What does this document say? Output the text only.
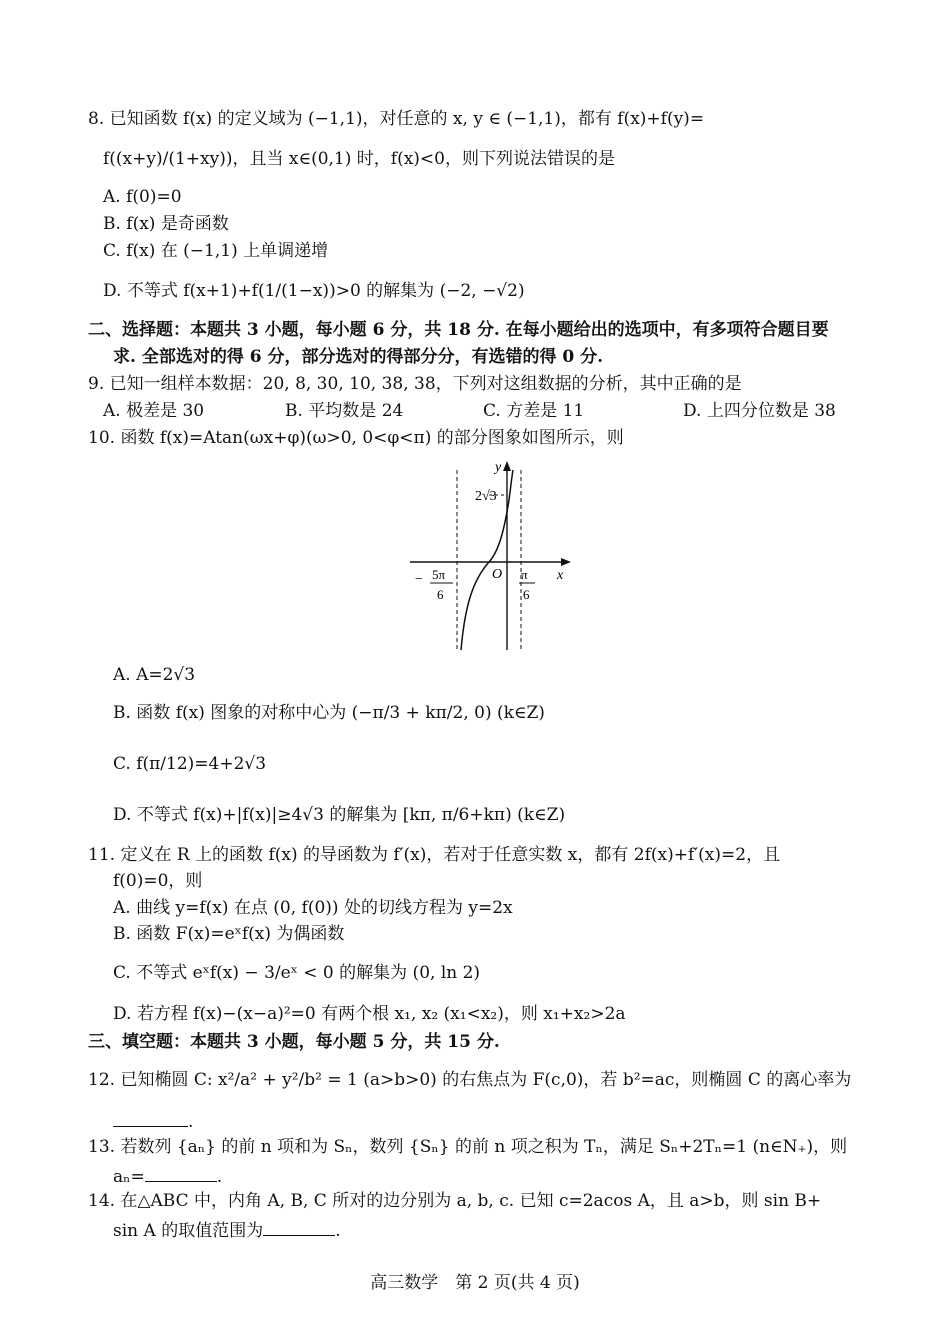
8. 已知函数 f(x) 的定义域为 (−1,1)，对任意的 x, y ∈ (−1,1)，都有 f(x)+f(y)=
f((x+y)/(1+xy))，且当 x∈(0,1) 时，f(x)<0，则下列说法错误的是
A. f(0)=0
B. f(x) 是奇函数
C. f(x) 在 (−1,1) 上单调递增
D. 不等式 f(x+1)+f(1/(1−x))>0 的解集为 (−2, −√2)
二、选择题：本题共 3 小题，每小题 6 分，共 18 分. 在每小题给出的选项中，有多项符合题目要
求. 全部选对的得 6 分，部分选对的得部分分，有选错的得 0 分.
9. 已知一组样本数据：20, 8, 30, 10, 38, 38，下列对这组数据的分析，其中正确的是
A. 极差是 30	B. 平均数是 24	C. 方差是 11	D. 上四分位数是 38
10. 函数 f(x)=Atan(ωx+φ)(ω>0, 0<φ<π) 的部分图象如图所示，则
y
x
O
2√3
− 5π
6
π
6
A. A=2√3
B. 函数 f(x) 图象的对称中心为 (−π/3 + kπ/2, 0) (k∈Z)
C. f(π/12)=4+2√3
D. 不等式 f(x)+|f(x)|≥4√3 的解集为 [kπ, π/6+kπ) (k∈Z)
11. 定义在 R 上的函数 f(x) 的导函数为 f′(x)，若对于任意实数 x，都有 2f(x)+f′(x)=2，且
f(0)=0，则
A. 曲线 y=f(x) 在点 (0, f(0)) 处的切线方程为 y=2x
B. 函数 F(x)=eˣf(x) 为偶函数
C. 不等式 eˣf(x) − 3/eˣ < 0 的解集为 (0, ln 2)
D. 若方程 f(x)−(x−a)²=0 有两个根 x₁, x₂ (x₁<x₂)，则 x₁+x₂>2a
三、填空题：本题共 3 小题，每小题 5 分，共 15 分.
12. 已知椭圆 C: x²/a² + y²/b² = 1 (a>b>0) 的右焦点为 F(c,0)，若 b²=ac，则椭圆 C 的离心率为
.
13. 若数列 {aₙ} 的前 n 项和为 Sₙ，数列 {Sₙ} 的前 n 项之积为 Tₙ，满足 Sₙ+2Tₙ=1 (n∈N₊)，则
aₙ=	.
14. 在△ABC 中，内角 A, B, C 所对的边分别为 a, b, c. 已知 c=2acos A，且 a>b，则 sin B+
sin A 的取值范围为	.
高三数学　第 2 页(共 4 页)
